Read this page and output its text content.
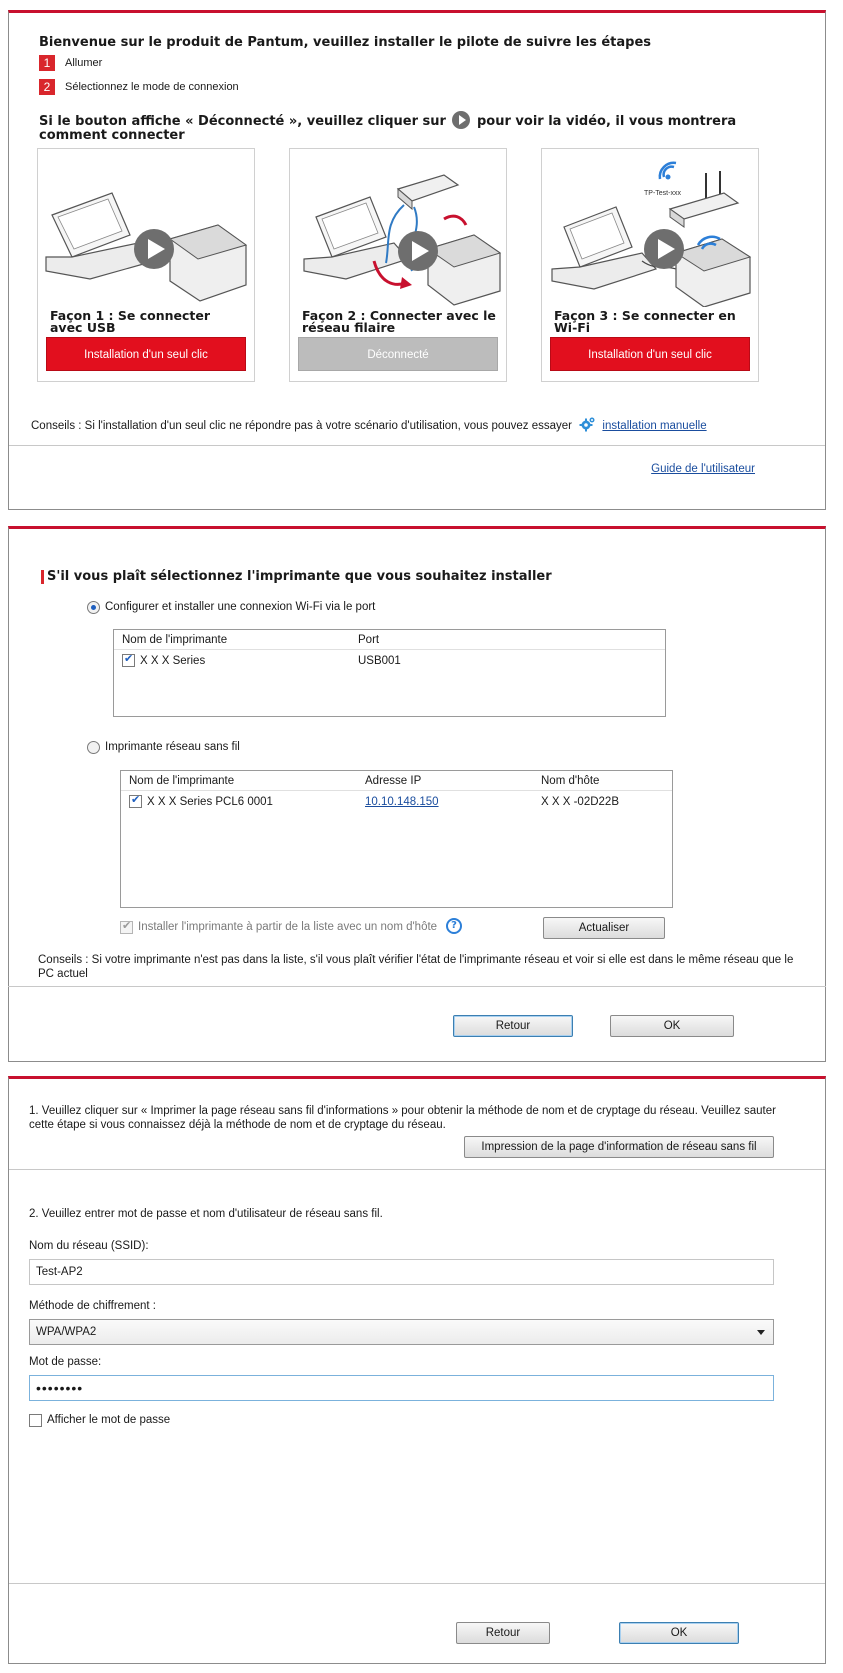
Bienvenue sur le produit de Pantum, veuillez installer le pilote de suivre les étapes
1	Allumer
2	Sélectionnez le mode de connexion
Si le bouton affiche « Déconnecté », veuillez cliquer sur pour voir la vidéo, il vous montrera comment connecter
Façon 1 : Se connecter avec USB
Installation d'un seul clic
Façon 2 : Connecter avec le réseau filaire
Déconnecté
TP-Test-xxx
Façon 3 : Se connecter en Wi-Fi
Installation d'un seul clic
Conseils : Si l'installation d'un seul clic ne répondre pas à votre scénario d'utilisation, vous pouvez essayer	installation manuelle
Guide de l'utilisateur
1. Veuillez cliquer sur « Imprimer la page réseau sans fil d'informations » pour obtenir la méthode de nom et de cryptage du réseau. Veuillez sauter cette étape si vous connaissez déjà la méthode de nom et de cryptage du réseau.
Impression de la page d'information de réseau sans fil
2. Veuillez entrer mot de passe et nom d'utilisateur de réseau sans fil.
Nom du réseau (SSID):
Test-AP2
Méthode de chiffrement :
WPA/WPA2
Mot de passe:
••••••••
Afficher le mot de passe
Retour	OK
S'il vous plaît sélectionnez l'imprimante que vous souhaitez installer
Configurer et installer une connexion Wi-Fi via le port
Nom de l'imprimante	Port
✔
X X X Series	USB001
Imprimante réseau sans fil
Nom de l'imprimante	Adresse IP	Nom d'hôte
✔
X X X Series PCL6 0001	10.10.148.150	X X X -02D22B
✔
Installer l'imprimante à partir de la liste avec un nom d'hôte	?	Actualiser
Conseils : Si votre imprimante n'est pas dans la liste, s'il vous plaît vérifier l'état de l'imprimante réseau et voir si elle est dans le même réseau que le PC actuel
Retour	OK
